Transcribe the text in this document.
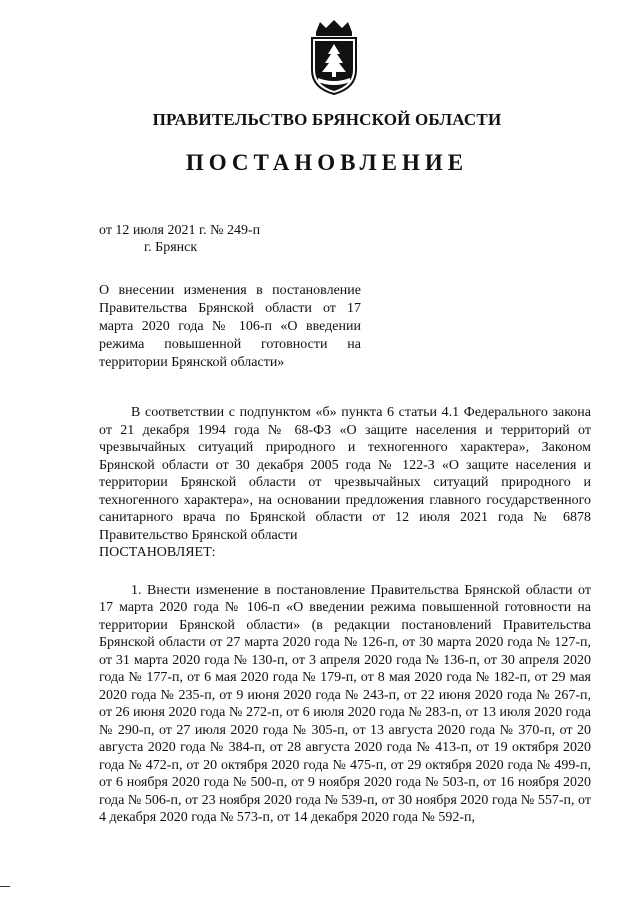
ПРАВИТЕЛЬСТВО БРЯНСКОЙ ОБЛАСТИ
ПОСТАНОВЛЕНИЕ
от 12 июля 2021 г. № 249-п
г. Брянск
О внесении изменения в постановление Правительства Брянской области от 17 марта 2020 года № 106-п «О введении режима повышенной готовности на территории Брянской области»

В соответствии с подпунктом «б» пункта 6 статьи 4.1 Федерального закона от 21 декабря 1994 года № 68-ФЗ «О защите населения и территорий от чрезвычайных ситуаций природного и техногенного характера», Законом Брянской области от 30 декабря 2005 года № 122-З «О защите населения и территории Брянской области от чрезвычайных ситуаций природного и техногенного характера», на основании предложения главного государственного санитарного врача по Брянской области от 12 июля 2021 года № 6878 Правительство Брянской области

ПОСТАНОВЛЯЕТ:

1. Внести изменение в постановление Правительства Брянской области от 17 марта 2020 года № 106-п «О введении режима повышенной готовности на территории Брянской области» (в редакции постановлений Правительства Брянской области от 27 марта 2020 года № 126-п, от 30 марта 2020 года № 127-п, от 31 марта 2020 года № 130-п, от 3 апреля 2020 года № 136-п, от 30 апреля 2020 года № 177-п, от 6 мая 2020 года № 179-п, от 8 мая 2020 года № 182-п, от 29 мая 2020 года № 235-п, от 9 июня 2020 года № 243-п, от 22 июня 2020 года № 267-п, от 26 июня 2020 года № 272-п, от 6 июля 2020 года № 283-п, от 13 июля 2020 года № 290-п, от 27 июля 2020 года № 305-п, от 13 августа 2020 года № 370-п, от 20 августа 2020 года № 384-п, от 28 августа 2020 года № 413-п, от 19 октября 2020 года № 472-п, от 20 октября 2020 года № 475-п, от 29 октября 2020 года № 499-п, от 6 ноября 2020 года № 500-п, от 9 ноября 2020 года № 503-п, от 16 ноября 2020 года № 506-п, от 23 ноября 2020 года № 539-п, от 30 ноября 2020 года № 557-п, от 4 декабря 2020 года № 573-п, от 14 декабря 2020 года № 592-п,
